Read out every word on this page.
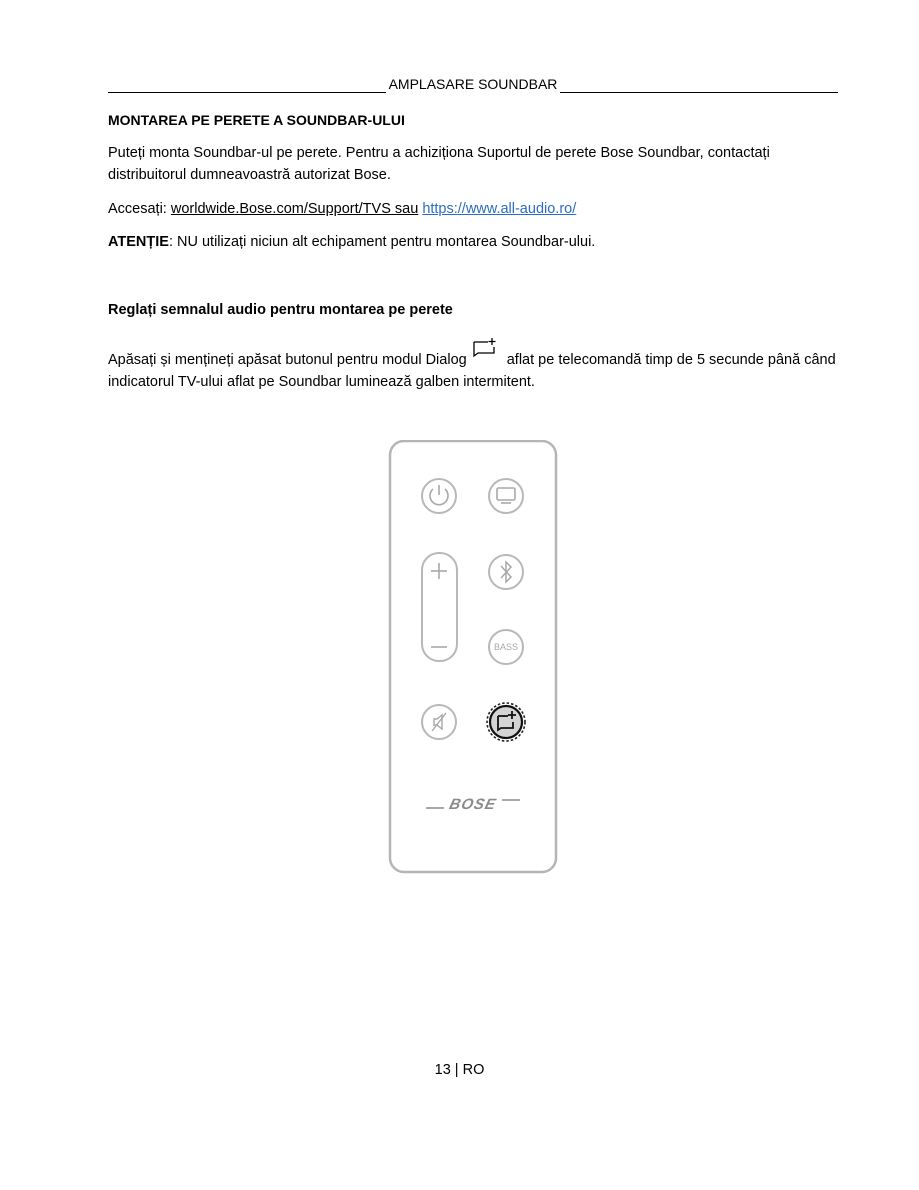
AMPLASARE SOUNDBAR
MONTAREA PE PERETE A SOUNDBAR-ULUI
Puteți monta Soundbar-ul pe perete. Pentru a achiziționa Suportul de perete Bose Soundbar, contactați distribuitorul dumneavoastră autorizat Bose.
Accesați: worldwide.Bose.com/Support/TVS sau https://www.all-audio.ro/
ATENȚIE: NU utilizați niciun alt echipament pentru montarea Soundbar-ului.
Reglați semnalul audio pentru montarea pe perete
Apăsați și mențineți apăsat butonul pentru modul Dialog	aflat pe telecomandă timp de 5 secunde până când indicatorul TV-ului aflat pe Soundbar luminează galben intermitent.
BASS
BOSE
13 | RO
